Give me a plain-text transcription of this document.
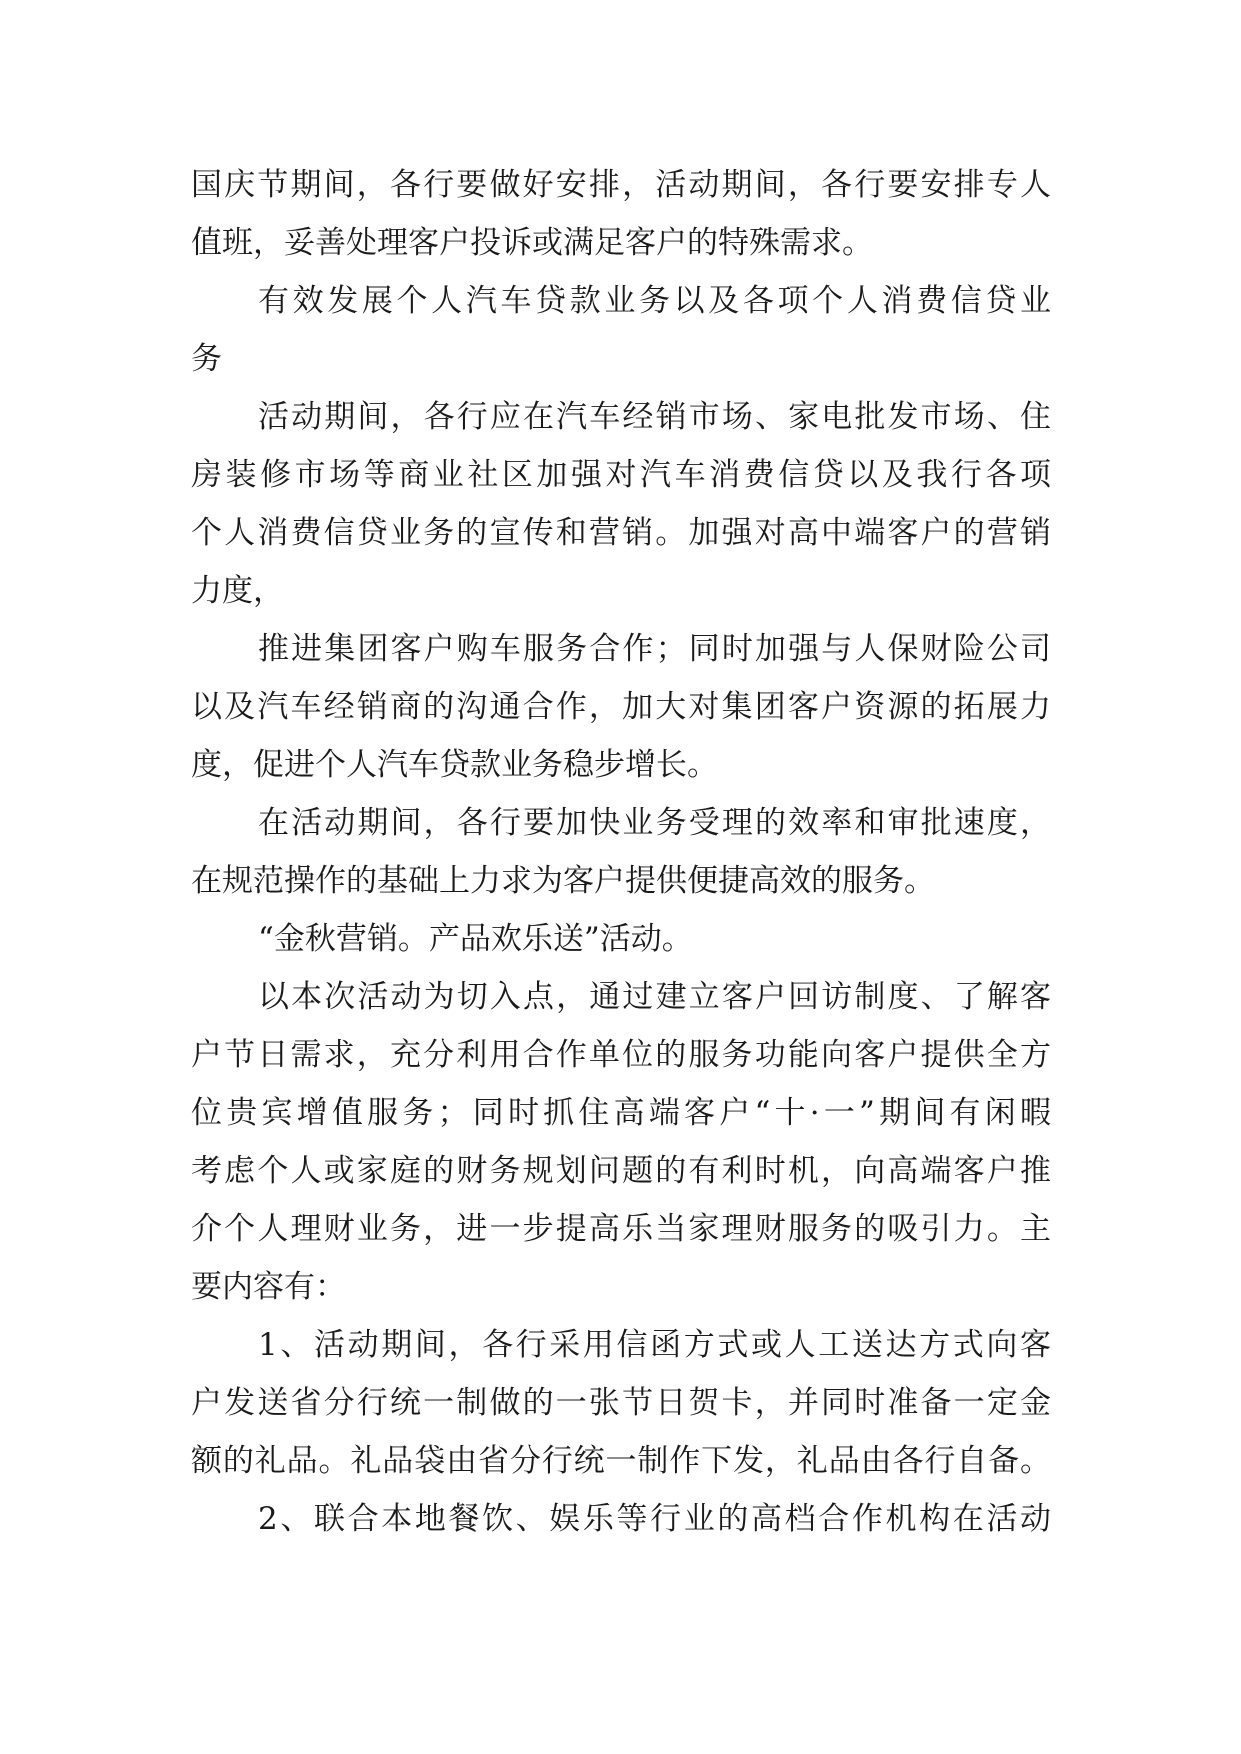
国庆节期间，各行要做好安排，活动期间，各行要安排专人
值班，妥善处理客户投诉或满足客户的特殊需求。
有效发展个人汽车贷款业务以及各项个人消费信贷业
务
活动期间，各行应在汽车经销市场、家电批发市场、住
房装修市场等商业社区加强对汽车消费信贷以及我行各项
个人消费信贷业务的宣传和营销。加强对高中端客户的营销
力度，
推进集团客户购车服务合作；同时加强与人保财险公司
以及汽车经销商的沟通合作，加大对集团客户资源的拓展力
度，促进个人汽车贷款业务稳步增长。
在活动期间，各行要加快业务受理的效率和审批速度，
在规范操作的基础上力求为客户提供便捷高效的服务。
“金秋营销。产品欢乐送”活动。
以本次活动为切入点，通过建立客户回访制度、了解客
户节日需求，充分利用合作单位的服务功能向客户提供全方
位贵宾增值服务；同时抓住高端客户“十·一”期间有闲暇
考虑个人或家庭的财务规划问题的有利时机，向高端客户推
介个人理财业务，进一步提高乐当家理财服务的吸引力。主
要内容有：
1、活动期间，各行采用信函方式或人工送达方式向客
户发送省分行统一制做的一张节日贺卡，并同时准备一定金
额的礼品。礼品袋由省分行统一制作下发，礼品由各行自备。
2、联合本地餐饮、娱乐等行业的高档合作机构在活动
